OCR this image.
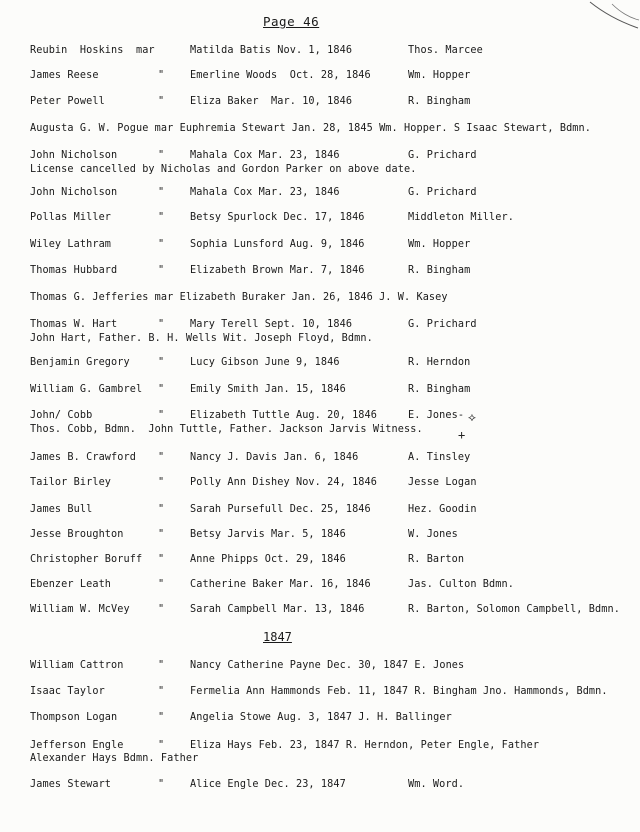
Page 46
Reubin  Hoskins  mar	Matilda Batis Nov. 1, 1846	Thos. Marcee
James Reese	"	Emerline Woods  Oct. 28, 1846	Wm. Hopper
Peter Powell	"	Eliza Baker  Mar. 10, 1846	R. Bingham
Augusta G. W. Pogue mar Euphremia Stewart Jan. 28, 1845 Wm. Hopper. S Isaac Stewart, Bdmn.
John Nicholson	"	Mahala Cox Mar. 23, 1846	G. Prichard
License cancelled by Nicholas and Gordon Parker on above date.
John Nicholson	"	Mahala Cox Mar. 23, 1846	G. Prichard
Pollas Miller	"	Betsy Spurlock Dec. 17, 1846	Middleton Miller.
Wiley Lathram	"	Sophia Lunsford Aug. 9, 1846	Wm. Hopper
Thomas Hubbard	"	Elizabeth Brown Mar. 7, 1846	R. Bingham
Thomas G. Jefferies mar Elizabeth Buraker Jan. 26, 1846 J. W. Kasey
Thomas W. Hart	"	Mary Terell Sept. 10, 1846	G. Prichard
John Hart, Father. B. H. Wells Wit. Joseph Floyd, Bdmn.
Benjamin Gregory	"	Lucy Gibson June 9, 1846	R. Herndon
William G. Gambrel "	Emily Smith Jan. 15, 1846	R. Bingham
John/ Cobb	"	Elizabeth Tuttle Aug. 20, 1846	E. Jones-
Thos. Cobb, Bdmn.  John Tuttle, Father. Jackson Jarvis Witness.
James B. Crawford "	Nancy J. Davis Jan. 6, 1846	A. Tinsley
Tailor Birley	"	Polly Ann Dishey Nov. 24, 1846	Jesse Logan
James Bull	"	Sarah Pursefull Dec. 25, 1846	Hez. Goodin
Jesse Broughton	"	Betsy Jarvis Mar. 5, 1846	W. Jones
Christopher Boruff "	Anne Phipps Oct. 29, 1846	R. Barton
Ebenzer Leath	"	Catherine Baker Mar. 16, 1846	Jas. Culton Bdmn.
William W. McVey	"	Sarah Campbell Mar. 13, 1846	R. Barton, Solomon Campbell, Bdmn.
1847
William Cattron	"	Nancy Catherine Payne Dec. 30, 1847 E. Jones
Isaac Taylor	"	Fermelia Ann Hammonds Feb. 11, 1847 R. Bingham Jno. Hammonds, Bdmn.
Thompson Logan	"	Angelia Stowe Aug. 3, 1847 J. H. Ballinger
Jefferson Engle	"	Eliza Hays Feb. 23, 1847 R. Herndon, Peter Engle, Father
Alexander Hays Bdmn. Father
James Stewart	"	Alice Engle Dec. 23, 1847	Wm. Word.
⟡
+
